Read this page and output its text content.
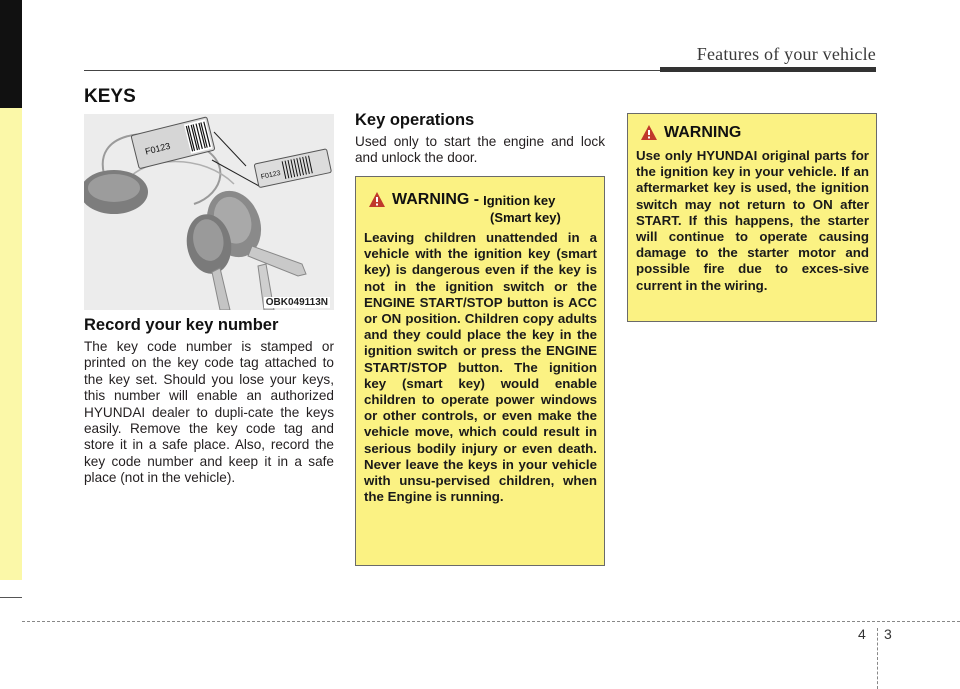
Features of your vehicle
KEYS
F0123
F0123
OBK049113N
Record your key number

The key code number is stamped or printed on the key code tag attached to the key set. Should you lose your keys, this number will enable an authorized HYUNDAI dealer to dupli-cate the keys easily. Remove the key code tag and store it in a safe place. Also, record the key code number and keep it in a safe place (not in the vehicle).

Key operations

Used only to start the engine and lock and unlock the door.

WARNING - Ignition key
(Smart key)

Leaving children unattended in a vehicle with the ignition key (smart key) is dangerous even if the key is not in the ignition switch or the ENGINE START/STOP button is ACC or ON position. Children copy adults and they could place the key in the ignition switch or press the ENGINE START/STOP button. The ignition key (smart key) would enable children to operate power windows or other controls, or even make the vehicle move, which could result in serious bodily injury or even death. Never leave the keys in your vehicle with unsu-pervised children, when the Engine is running.

WARNING

Use only HYUNDAI original parts for the ignition key in your vehicle. If an aftermarket key is used, the ignition switch may not return to ON after START. If this happens, the starter will continue to operate causing damage to the starter motor and possible fire due to exces-sive current in the wiring.

4 3
